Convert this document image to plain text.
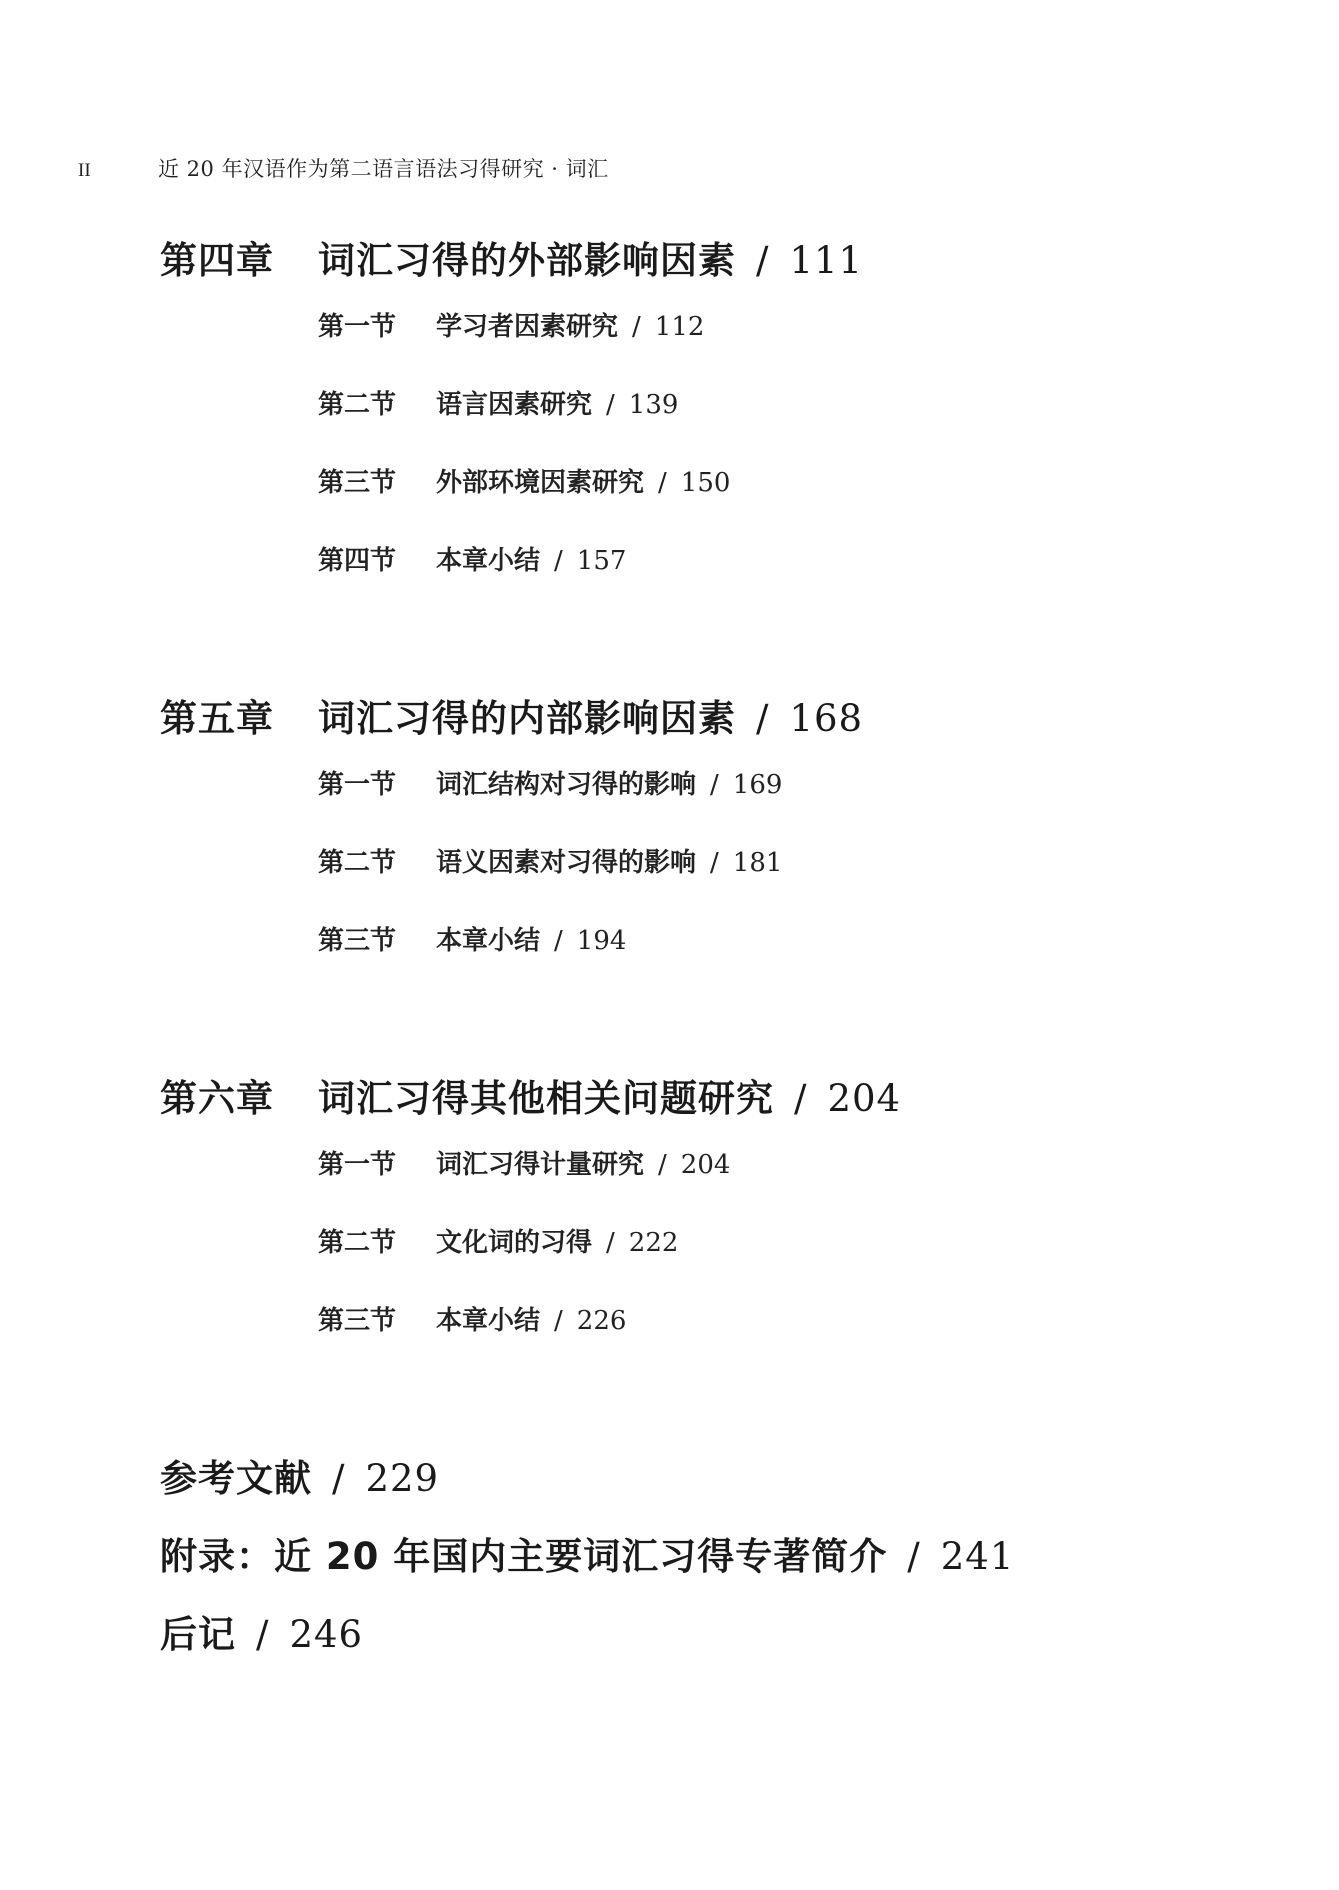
II	近 20 年汉语作为第二语言语法习得研究 · 词汇
第四章	词汇习得的外部影响因素 / 111
第一节	学习者因素研究 / 112
第二节	语言因素研究 / 139
第三节	外部环境因素研究 / 150
第四节	本章小结 / 157
第五章	词汇习得的内部影响因素 / 168
第一节	词汇结构对习得的影响 / 169
第二节	语义因素对习得的影响 / 181
第三节	本章小结 / 194
第六章	词汇习得其他相关问题研究 / 204
第一节	词汇习得计量研究 / 204
第二节	文化词的习得 / 222
第三节	本章小结 / 226
参考文献 / 229
附录：近 20 年国内主要词汇习得专著简介 / 241
后记 / 246
